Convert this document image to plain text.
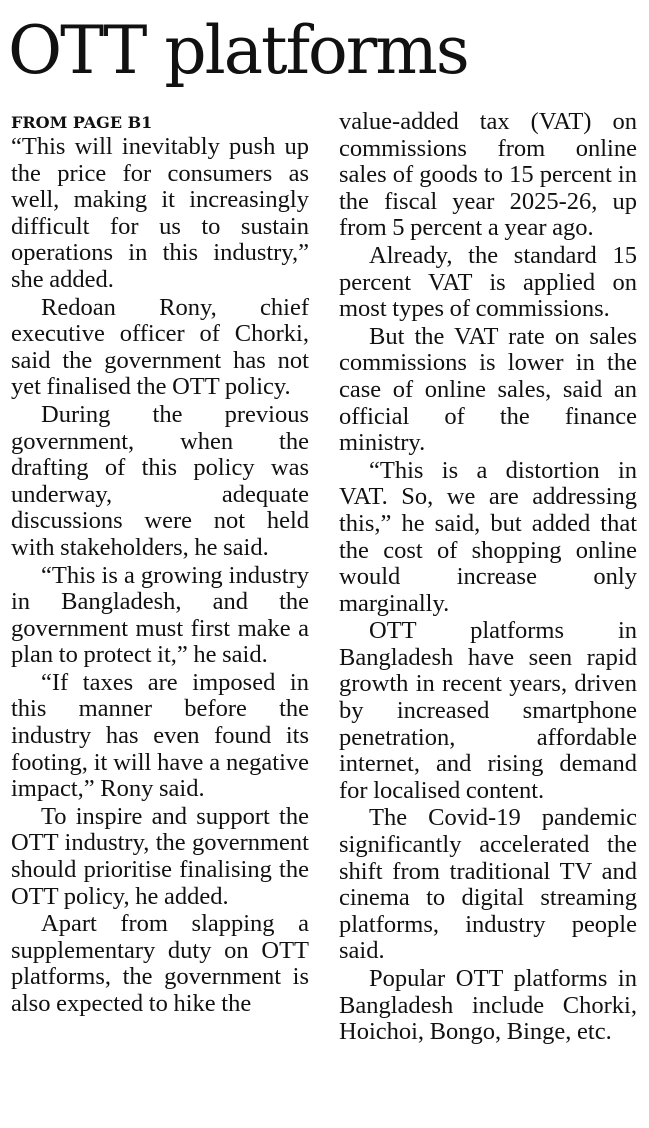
OTT platforms

FROM PAGE B1

“This will inevitably push up the price for consumers as well, making it increasingly difficult for us to sustain operations in this industry,” she added.

Redoan Rony, chief executive officer of Chorki, said the government has not yet finalised the OTT policy.

During the previous government, when the drafting of this policy was underway, adequate discussions were not held with stakeholders, he said.

“This is a growing industry in Bangladesh, and the government must first make a plan to protect it,” he said.

“If taxes are imposed in this manner before the industry has even found its footing, it will have a negative impact,” Rony said.

To inspire and support the OTT industry, the government should prioritise finalising the OTT policy, he added.

Apart from slapping a supplementary duty on OTT platforms, the government is also expected to hike the

value-added tax (VAT) on commissions from online sales of goods to 15 percent in the fiscal year 2025-26, up from 5 percent a year ago.

Already, the standard 15 percent VAT is applied on most types of commissions.

But the VAT rate on sales commissions is lower in the case of online sales, said an official of the finance ministry.

“This is a distortion in VAT. So, we are addressing this,” he said, but added that the cost of shopping online would increase only marginally.

OTT platforms in Bangladesh have seen rapid growth in recent years, driven by increased smartphone penetration, affordable internet, and rising demand for localised content.

The Covid-19 pandemic significantly accelerated the shift from traditional TV and cinema to digital streaming platforms, industry people said.

Popular OTT platforms in Bangladesh include Chorki, Hoichoi, Bongo, Binge, etc.
